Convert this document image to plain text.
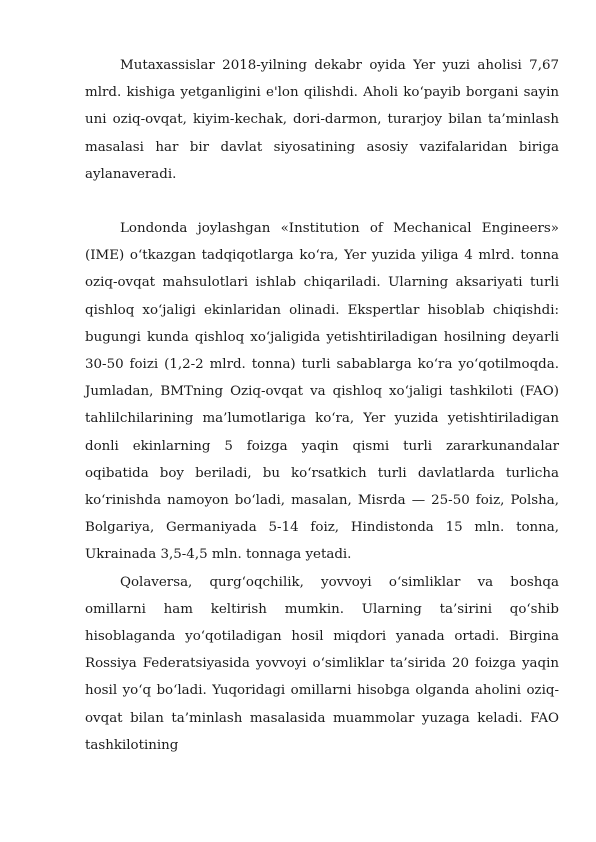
Mutaxassislar 2018-yilning dekabr oyida Yer yuzi aholisi 7,67 mlrd. kishiga yetganligini e'lon qilishdi. Aholi ko‘payib borgani sayin uni oziq-ovqat, kiyim-kechak, dori-darmon, turarjoy bilan ta’minlash masalasi har bir davlat siyosatining asosiy vazifalaridan biriga aylanaveradi.

Londonda joylashgan «Institution of Mechanical Engineers» (IME) o‘tkazgan tadqiqotlarga ko‘ra, Yer yuzida yiliga 4 mlrd. tonna oziq-ovqat mahsulotlari ishlab chiqariladi. Ularning aksariyati turli qishloq xo‘jaligi ekinlaridan olinadi. Ekspertlar hisoblab chiqishdi: bugungi kunda qishloq xo‘jaligida yetishtiriladigan hosilning deyarli 30-50 foizi (1,2-2 mlrd. tonna) turli sabablarga ko‘ra yo‘qotilmoqda. Jumladan, BMTning Oziq-ovqat va qishloq xo‘jaligi tashkiloti (FAO) tahlilchilarining ma’lumotlariga ko‘ra, Yer yuzida yetishtiriladigan donli ekinlarning 5 foizga yaqin qismi turli zararkunandalar oqibatida boy beriladi, bu ko‘rsatkich turli davlatlarda turlicha ko‘rinishda namoyon bo‘ladi, masalan, Misrda — 25-50 foiz, Polsha, Bolgariya, Germaniyada 5-14 foiz, Hindistonda 15 mln. tonna, Ukrainada 3,5-4,5 mln. tonnaga yetadi.

Qolaversa, qurg‘oqchilik, yovvoyi o‘simliklar va boshqa omillarni ham keltirish mumkin. Ularning ta’sirini qo‘shib hisoblaganda yo‘qotiladigan hosil miqdori yanada ortadi. Birgina Rossiya Federatsiyasida yovvoyi o‘simliklar ta’sirida 20 foizga yaqin hosil yo‘q bo‘ladi. Yuqoridagi omillarni hisobga olganda aholini oziq-ovqat bilan ta’minlash masalasida muammolar yuzaga keladi. FAO tashkilotining
